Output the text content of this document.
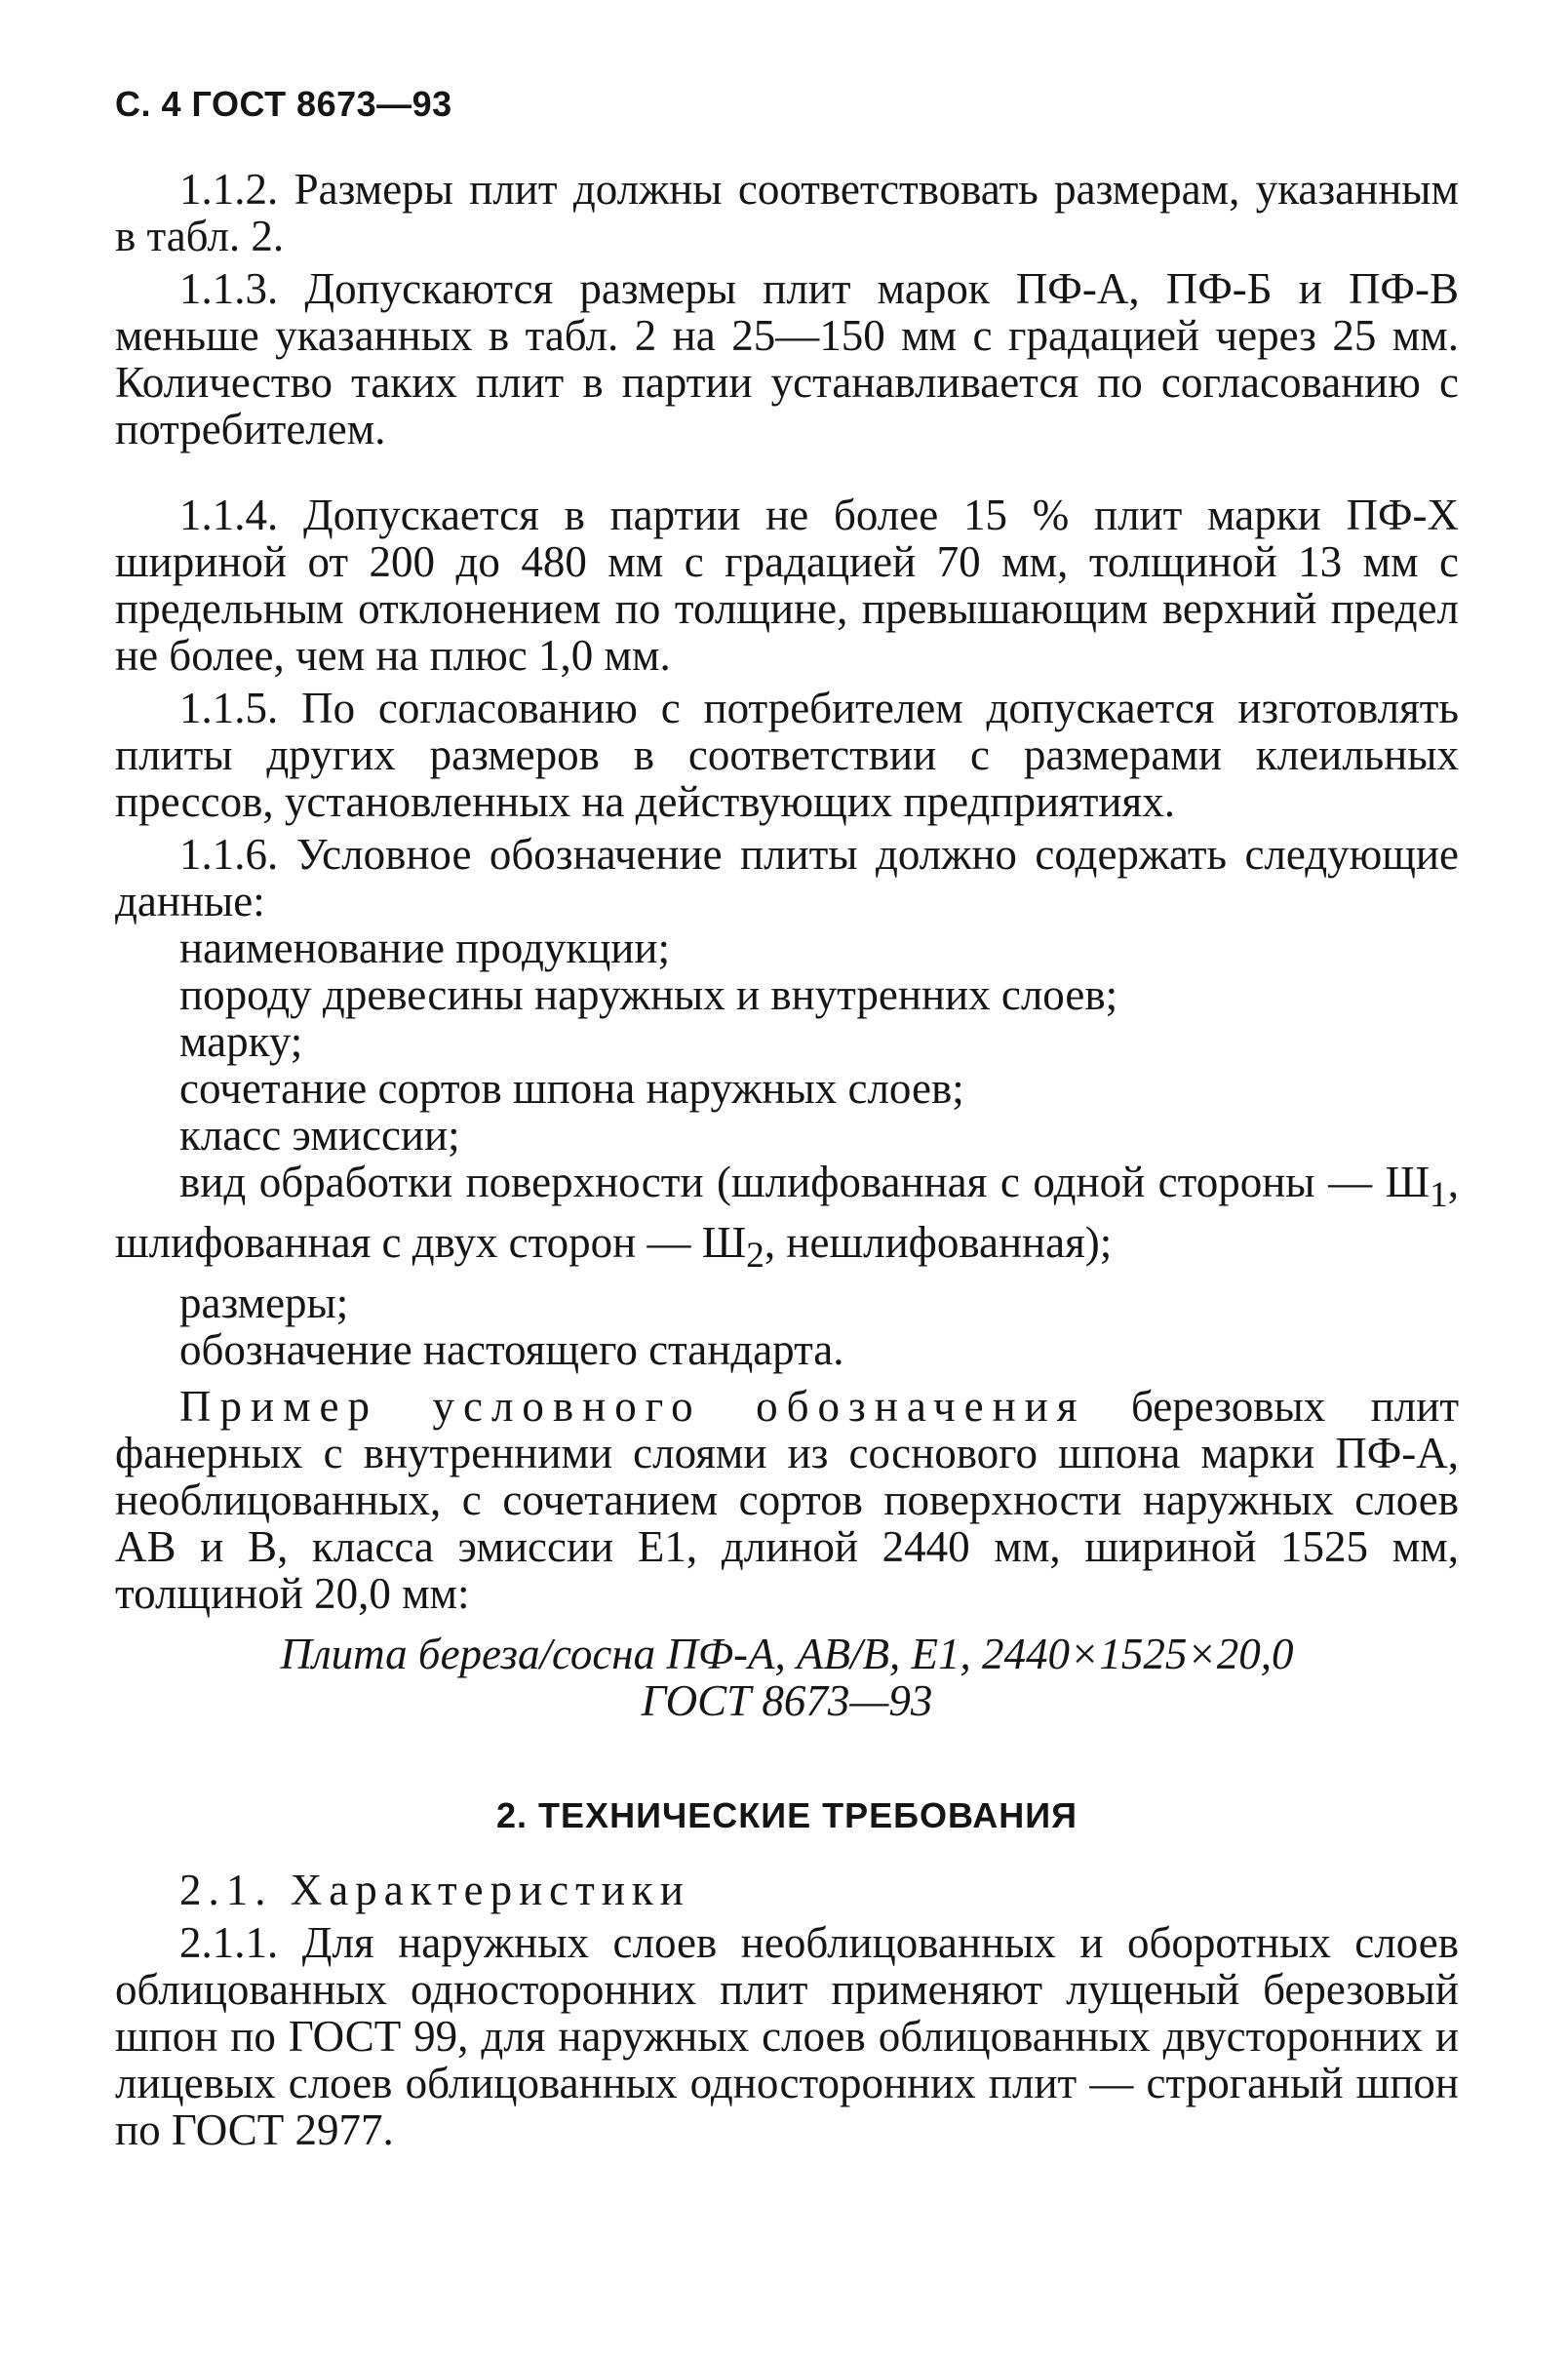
С. 4 ГОСТ 8673—93

1.1.2. Размеры плит должны соответствовать размерам, указанным в табл. 2.

1.1.3. Допускаются размеры плит марок ПФ-А, ПФ-Б и ПФ-В меньше указанных в табл. 2 на 25—150 мм с градацией через 25 мм. Количество таких плит в партии устанавливается по согласованию с потребителем.

1.1.4. Допускается в партии не более 15 % плит марки ПФ-X шириной от 200 до 480 мм с градацией 70 мм, толщиной 13 мм с предельным отклонением по толщине, превышающим верхний предел не более, чем на плюс 1,0 мм.

1.1.5. По согласованию с потребителем допускается изготовлять плиты других размеров в соответствии с размерами клеильных прессов, установленных на действующих предприятиях.

1.1.6. Условное обозначение плиты должно содержать следующие данные:

наименование продукции;
породу древесины наружных и внутренних слоев;
марку;
сочетание сортов шпона наружных слоев;
класс эмиссии;

вид обработки поверхности (шлифованная с одной стороны — $Ш_1$, шлифованная с двух сторон — $Ш_2$, нешлифованная);

размеры;
обозначение настоящего стандарта.

Пример условного обозначения березовых плит фанерных с внутренними слоями из соснового шпона марки ПФ-А, необлицованных, с сочетанием сортов поверхности наружных слоев АВ и В, класса эмиссии Е1, длиной 2440 мм, шириной 1525 мм, толщиной 20,0 мм:

Плита береза/сосна ПФ-А, АВ/В, Е1, 2440×1525×20,0

ГОСТ 8673—93

2. ТЕХНИЧЕСКИЕ ТРЕБОВАНИЯ
2.1. Характеристики

2.1.1. Для наружных слоев необлицованных и оборотных слоев облицованных односторонних плит применяют лущеный березовый шпон по ГОСТ 99, для наружных слоев облицованных двусторонних и лицевых слоев облицованных односторонних плит — строганый шпон по ГОСТ 2977.
